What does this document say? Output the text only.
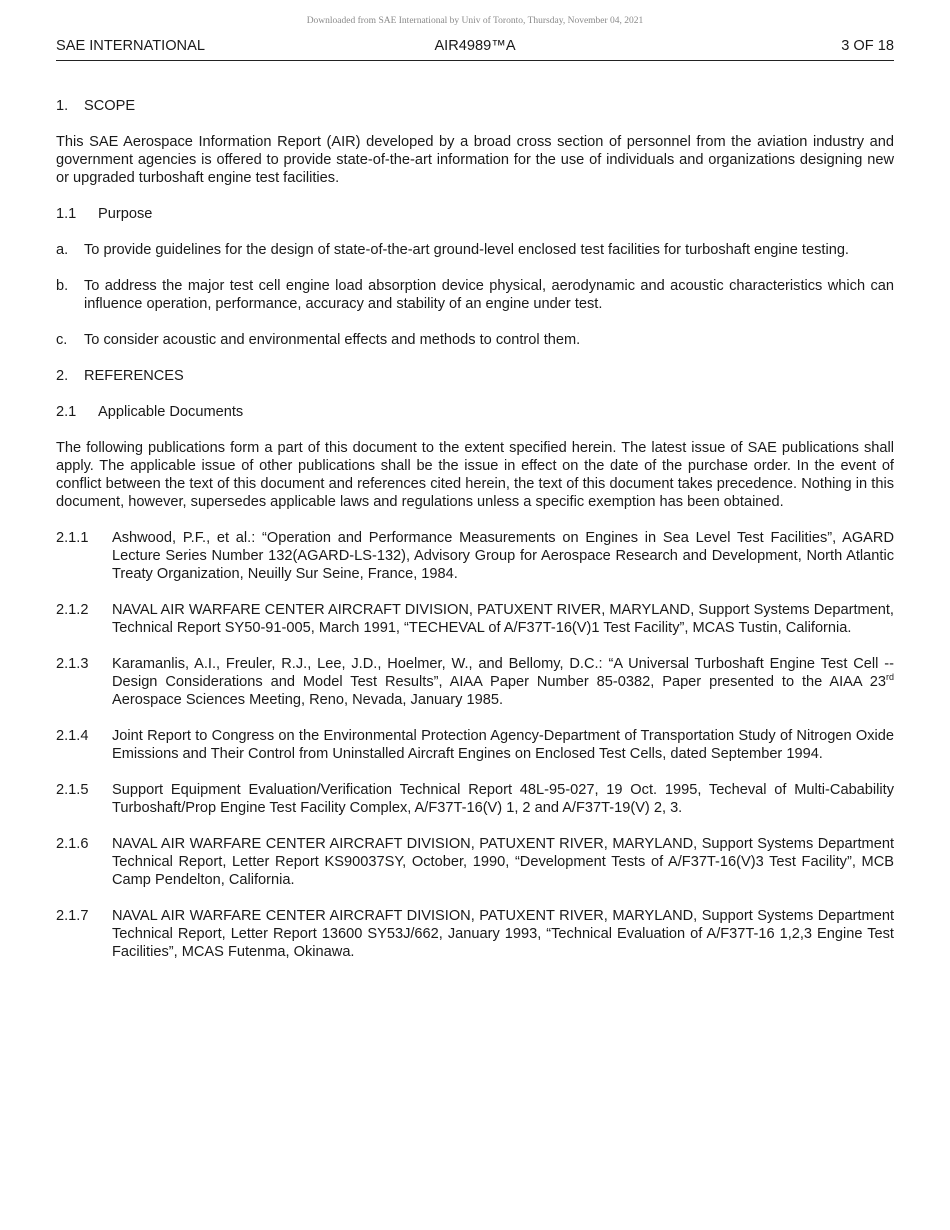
Downloaded from SAE International by Univ of Toronto, Thursday, November 04, 2021
SAE INTERNATIONAL	AIR4989™A	3 OF 18
1.	SCOPE

This SAE Aerospace Information Report (AIR) developed by a broad cross section of personnel from the aviation industry and government agencies is offered to provide state-of-the-art information for the use of individuals and organizations designing new or upgraded turboshaft engine test facilities.

1.1	Purpose
a.	To provide guidelines for the design of state-of-the-art ground-level enclosed test facilities for turboshaft engine testing.
b.	To address the major test cell engine load absorption device physical, aerodynamic and acoustic characteristics which can influence operation, performance, accuracy and stability of an engine under test.
c.	To consider acoustic and environmental effects and methods to control them.
2.	REFERENCES
2.1	Applicable Documents

The following publications form a part of this document to the extent specified herein. The latest issue of SAE publications shall apply. The applicable issue of other publications shall be the issue in effect on the date of the purchase order. In the event of conflict between the text of this document and references cited herein, the text of this document takes precedence. Nothing in this document, however, supersedes applicable laws and regulations unless a specific exemption has been obtained.

2.1.1	Ashwood, P.F., et al.: “Operation and Performance Measurements on Engines in Sea Level Test Facilities”, AGARD Lecture Series Number 132(AGARD-LS-132), Advisory Group for Aerospace Research and Development, North Atlantic Treaty Organization, Neuilly Sur Seine, France, 1984.
2.1.2	NAVAL AIR WARFARE CENTER AIRCRAFT DIVISION, PATUXENT RIVER, MARYLAND, Support Systems Department, Technical Report SY50-91-005, March 1991, “TECHEVAL of A/F37T-16(V)1 Test Facility”, MCAS Tustin, California.
2.1.3	Karamanlis, A.I., Freuler, R.J., Lee, J.D., Hoelmer, W., and Bellomy, D.C.: “A Universal Turboshaft Engine Test Cell -- Design Considerations and Model Test Results”, AIAA Paper Number 85-0382, Paper presented to the AIAA 23rd Aerospace Sciences Meeting, Reno, Nevada, January 1985.
2.1.4	Joint Report to Congress on the Environmental Protection Agency-Department of Transportation Study of Nitrogen Oxide Emissions and Their Control from Uninstalled Aircraft Engines on Enclosed Test Cells, dated September 1994.
2.1.5	Support Equipment Evaluation/Verification Technical Report 48L-95-027, 19 Oct. 1995, Techeval of Multi-Cabability Turboshaft/Prop Engine Test Facility Complex, A/F37T-16(V) 1, 2 and A/F37T-19(V) 2, 3.
2.1.6	NAVAL AIR WARFARE CENTER AIRCRAFT DIVISION, PATUXENT RIVER, MARYLAND, Support Systems Department Technical Report, Letter Report KS90037SY, October, 1990, “Development Tests of A/F37T-16(V)3 Test Facility”, MCB Camp Pendelton, California.
2.1.7	NAVAL AIR WARFARE CENTER AIRCRAFT DIVISION, PATUXENT RIVER, MARYLAND, Support Systems Department Technical Report, Letter Report 13600 SY53J/662, January 1993, “Technical Evaluation of A/F37T-16 1,2,3 Engine Test Facilities”, MCAS Futenma, Okinawa.
